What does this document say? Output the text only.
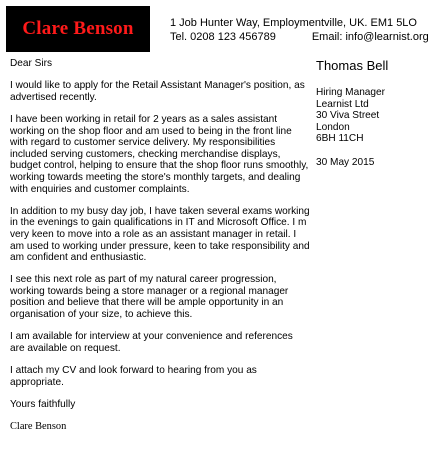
Clare Benson	1 Job Hunter Way, Employmentville, UK. EM1 5LO
Tel. 0208 123 456789	Email: info@learnist.org

Dear Sirs

I would like to apply for the Retail Assistant Manager's position, as advertised recently.

I have been working in retail for 2 years as a sales assistant working on the shop floor and am used to being in the front line with regard to customer service delivery. My responsibilities included serving customers, checking merchandise displays, budget control, helping to ensure that the shop floor runs smoothly, working towards meeting the store's monthly targets, and dealing with enquiries and customer complaints.

In addition to my busy day job, I have taken several exams working in the evenings to gain qualifications in IT and Microsoft Office. I m very keen to move into a role as an assistant manager in retail. I am used to working under pressure, keen to take responsibility and am confident and enthusiastic.

I see this next role as part of my natural career progression, working towards being a store manager or a regional manager position and believe that there will be ample opportunity in an organisation of your size, to achieve this.

I am available for interview at your convenience and references are available on request.

I attach my CV and look forward to hearing from you as appropriate.

Yours faithfully

Clare Benson
Thomas Bell
Hiring Manager
Learnist Ltd
30 Viva Street
London
6BH 11CH
30 May 2015
